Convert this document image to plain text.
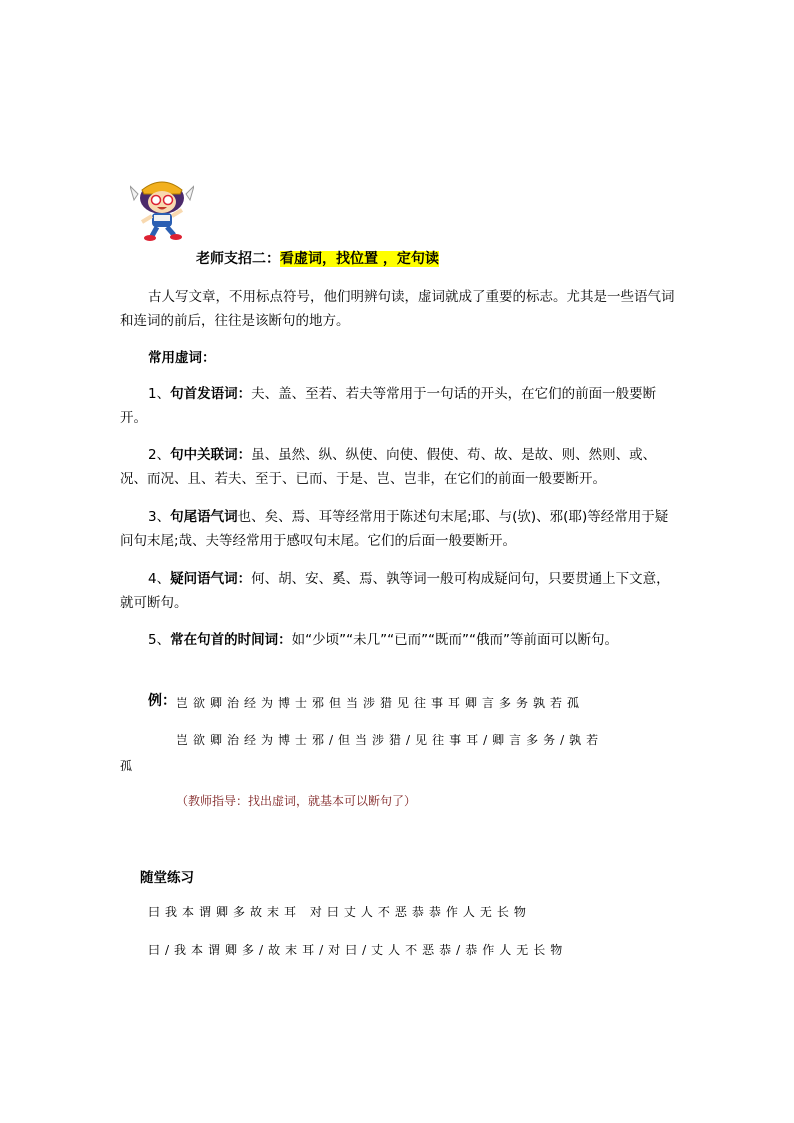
老师支招二：看虚词，找位置 ，定句读
古人写文章，不用标点符号，他们明辨句读，虚词就成了重要的标志。尤其是一些语气词和连词的前后，往往是该断句的地方。
常用虚词：
1、句首发语词：夫、盖、至若、若夫等常用于一句话的开头，在它们的前面一般要断开。
2、句中关联词：虽、虽然、纵、纵使、向使、假使、苟、故、是故、则、然则、或、况、而况、且、若夫、至于、已而、于是、岂、岂非，在它们的前面一般要断开。
3、句尾语气词也、矣、焉、耳等经常用于陈述句末尾;耶、与(欤)、邪(耶)等经常用于疑问句末尾;哉、夫等经常用于感叹句末尾。它们的后面一般要断开。
4、疑问语气词：何、胡、安、奚、焉、孰等词一般可构成疑问句，只要贯通上下文意，就可断句。
5、常在句首的时间词：如“少顷”“未几”“已而”“既而”“俄而”等前面可以断句。
例： 岂欲卿治经为博士邪但当涉猎见往事耳卿言多务孰若孤
岂欲卿治经为博士邪/但当涉猎/见往事耳/卿言多务/孰若
孤
（教师指导：找出虚词，就基本可以断句了）
随堂练习
曰我本谓卿多故末耳 对曰丈人不恶恭恭作人无长物
曰/我本谓卿多/故末耳/对曰/丈人不恶恭/恭作人无长物
